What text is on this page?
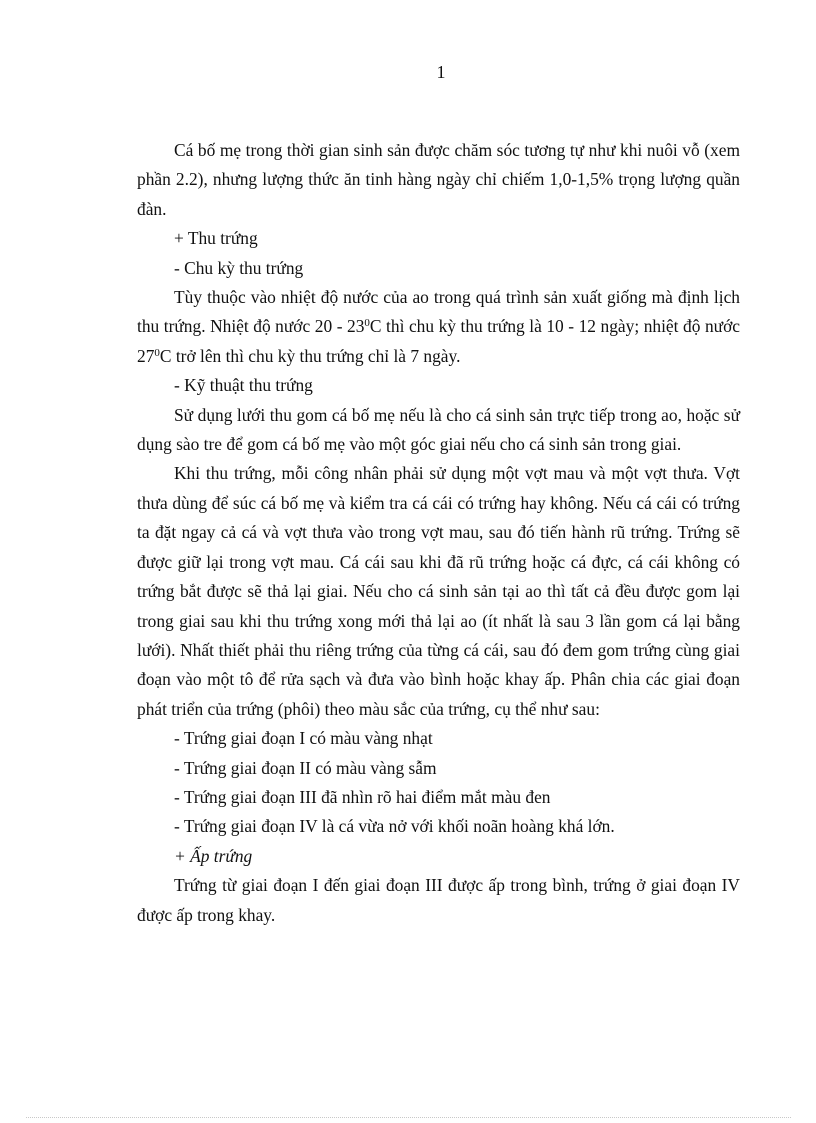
1

Cá bố mẹ trong thời gian sinh sản được chăm sóc tương tự như khi nuôi vỗ (xem phần 2.2), nhưng lượng thức ăn tinh hàng ngày chỉ chiếm 1,0-1,5% trọng lượng quần đàn.

+ Thu trứng

- Chu kỳ thu trứng

Tùy thuộc vào nhiệt độ nước của ao trong quá trình sản xuất giống mà định lịch thu trứng. Nhiệt độ nước $20 - 23^0C$ thì chu kỳ thu trứng là 10 - 12 ngày; nhiệt độ nước $27^0C$ trở lên thì chu kỳ thu trứng chỉ là 7 ngày.

- Kỹ thuật thu trứng

Sử dụng lưới thu gom cá bố mẹ nếu là cho cá sinh sản trực tiếp trong ao, hoặc sử dụng sào tre để gom cá bố mẹ vào một góc giai nếu cho cá sinh sản trong giai.

Khi thu trứng, mỗi công nhân phải sử dụng một vợt mau và một vợt thưa. Vợt thưa dùng để súc cá bố mẹ và kiểm tra cá cái có trứng hay không. Nếu cá cái có trứng ta đặt ngay cả cá và vợt thưa vào trong vợt mau, sau đó tiến hành rũ trứng. Trứng sẽ được giữ lại trong vợt mau. Cá cái sau khi đã rũ trứng hoặc cá đực, cá cái không có trứng bắt được sẽ thả lại giai. Nếu cho cá sinh sản tại ao thì tất cả đều được gom lại trong giai sau khi thu trứng xong mới thả lại ao (ít nhất là sau 3 lần gom cá lại bằng lưới). Nhất thiết phải thu riêng trứng của từng cá cái, sau đó đem gom trứng cùng giai đoạn vào một tô để rửa sạch và đưa vào bình hoặc khay ấp. Phân chia các giai đoạn phát triển của trứng (phôi) theo màu sắc của trứng, cụ thể như sau:

- Trứng giai đoạn I có màu vàng nhạt

- Trứng giai đoạn II có màu vàng sẫm

- Trứng giai đoạn III đã nhìn rõ hai điểm mắt màu đen

- Trứng giai đoạn IV là cá vừa nở với khối noãn hoàng khá lớn.

+ Ấp trứng

Trứng từ giai đoạn I đến giai đoạn III được ấp trong bình, trứng ở giai đoạn IV được ấp trong khay.
